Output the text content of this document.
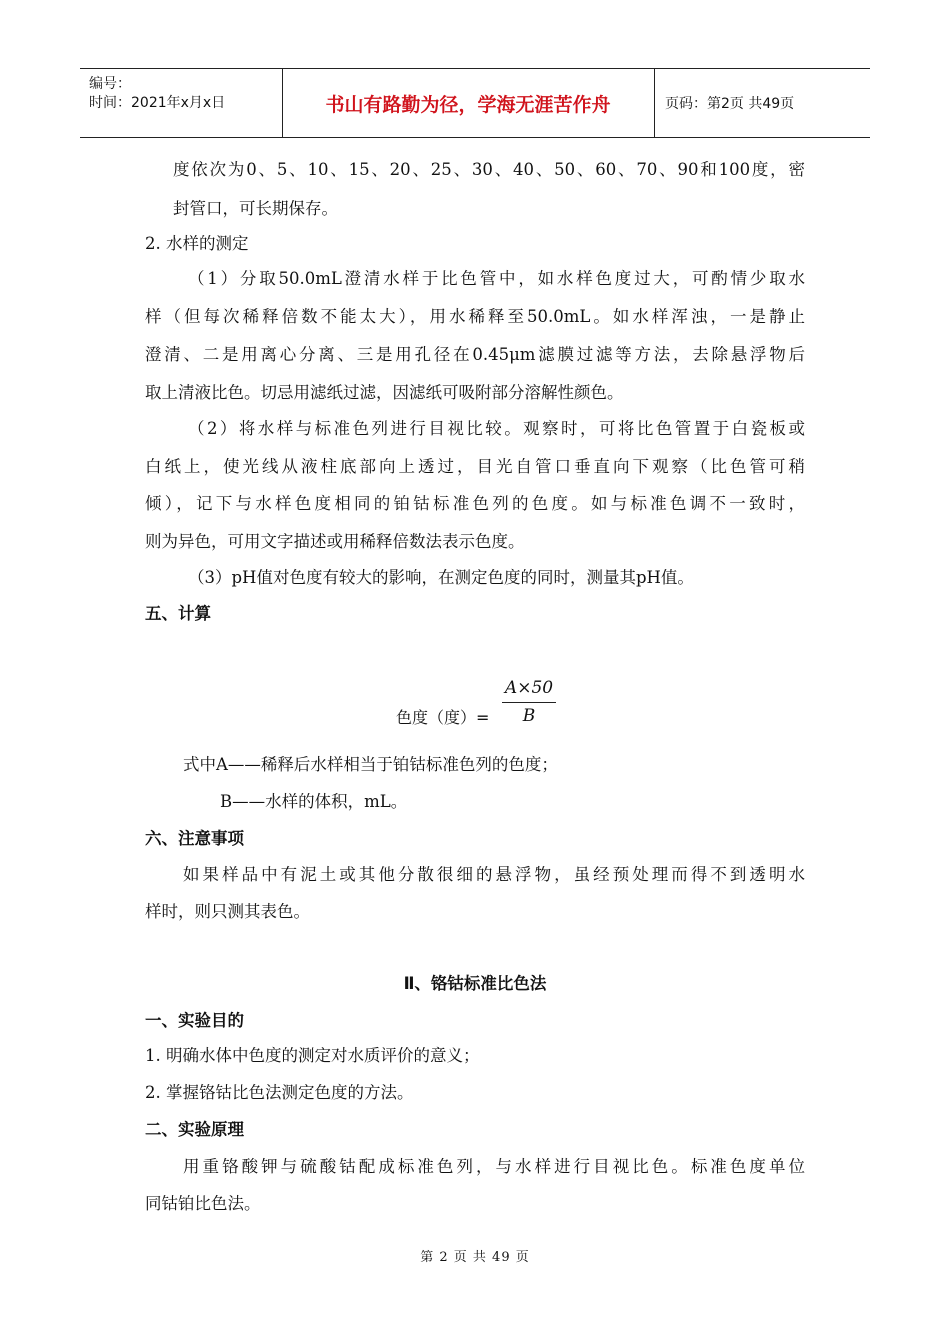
编号：
时间：2021年x月x日	书山有路勤为径，学海无涯苦作舟	页码：第2页 共49页
度依次为0、5、10、15、20、25、30、40、50、60、70、90和100度，密
封管口，可长期保存。
2. 水样的测定
（1）分取50.0mL澄清水样于比色管中，如水样色度过大，可酌情少取水
样（但每次稀释倍数不能太大），用水稀释至50.0mL。如水样浑浊，一是静止
澄清、二是用离心分离、三是用孔径在0.45μm滤膜过滤等方法，去除悬浮物后
取上清液比色。切忌用滤纸过滤，因滤纸可吸附部分溶解性颜色。
（2）将水样与标准色列进行目视比较。观察时，可将比色管置于白瓷板或
白纸上，使光线从液柱底部向上透过，目光自管口垂直向下观察（比色管可稍
倾），记下与水样色度相同的铂钴标准色列的色度。如与标准色调不一致时，
则为异色，可用文字描述或用稀释倍数法表示色度。
（3）pH值对色度有较大的影响，在测定色度的同时，测量其pH值。
五、计算
色度（度）=
A×50
B
式中A——稀释后水样相当于铂钴标准色列的色度；
B——水样的体积，mL。
六、注意事项
如果样品中有泥土或其他分散很细的悬浮物，虽经预处理而得不到透明水
样时，则只测其表色。
Ⅱ、铬钴标准比色法
一、实验目的
1. 明确水体中色度的测定对水质评价的意义；
2. 掌握铬钴比色法测定色度的方法。
二、实验原理
用重铬酸钾与硫酸钴配成标准色列，与水样进行目视比色。标准色度单位
同钴铂比色法。
第 2 页 共 49 页
